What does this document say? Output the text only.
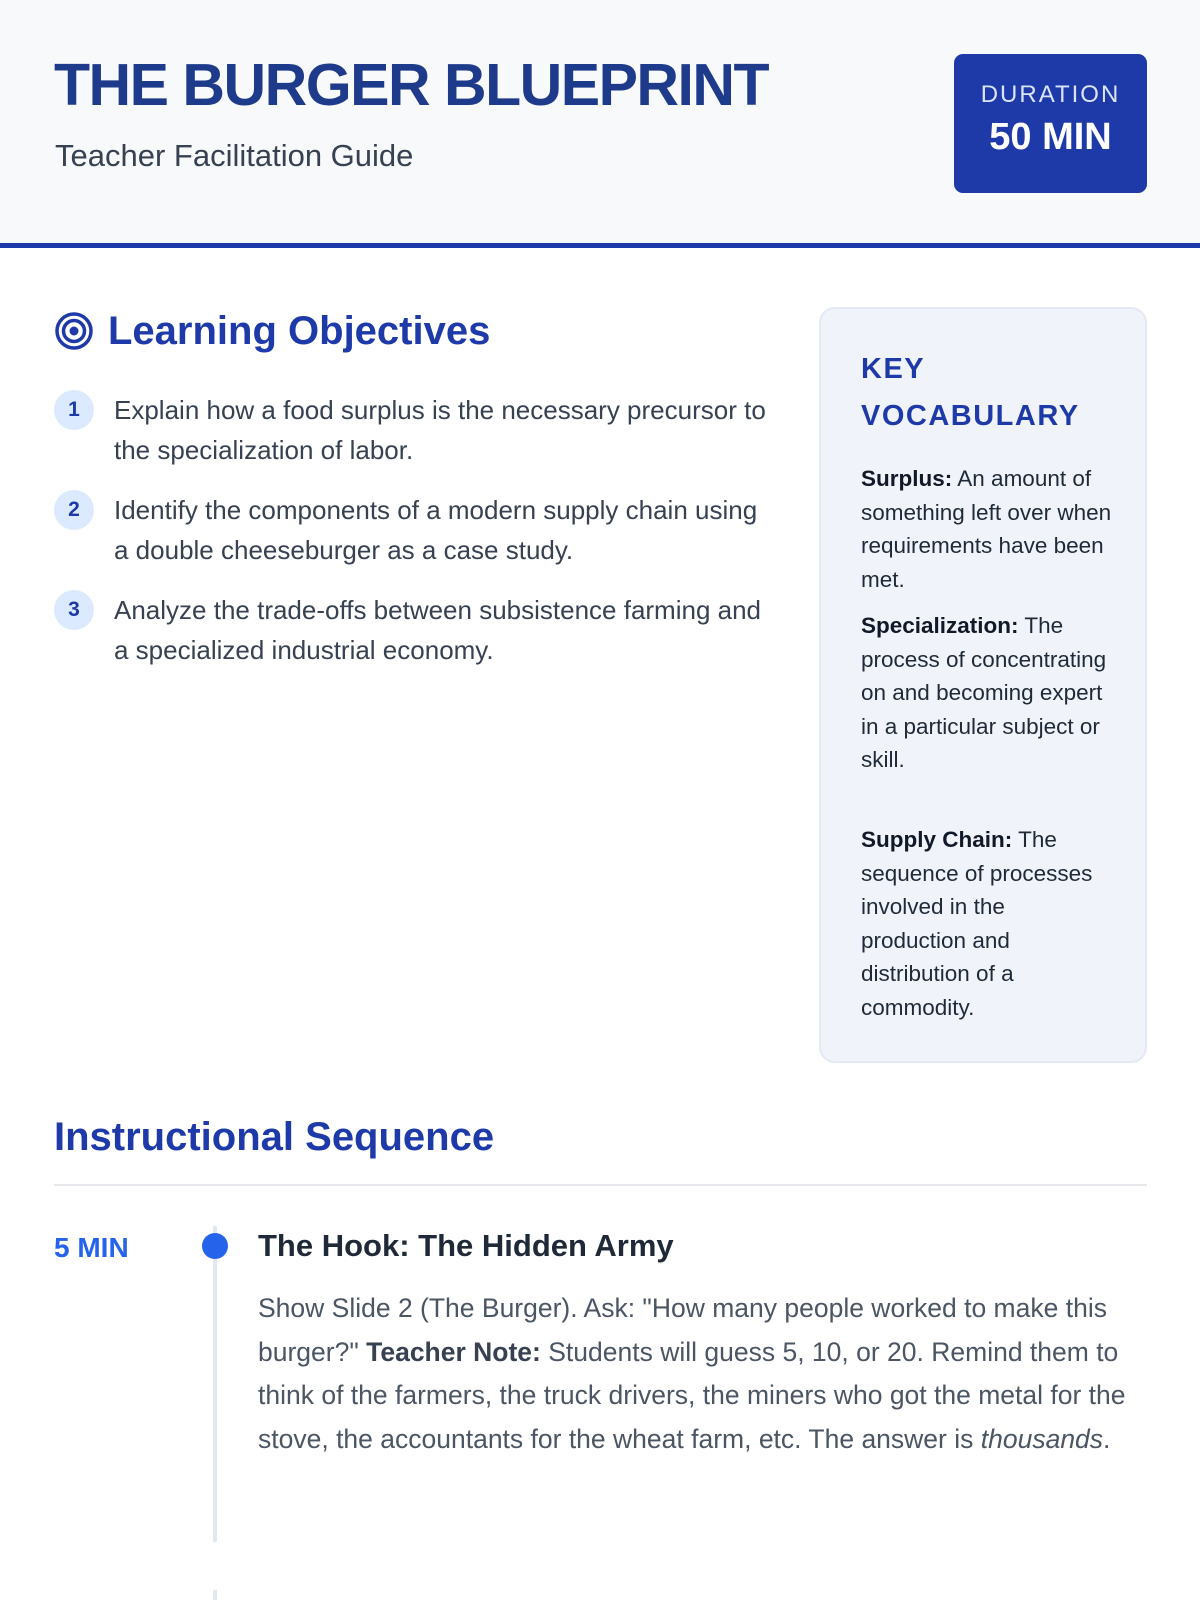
THE BURGER BLUEPRINT

Teacher Facilitation Guide

DURATION
50 MIN
Learning Objectives
1	Explain how a food surplus is the necessary precursor to the specialization of labor.

2	Identify the components of a modern supply chain using a double cheeseburger as a case study.

3	Analyze the trade-offs between subsistence farming and a specialized industrial economy.

KEY VOCABULARY

Surplus: An amount of something left over when requirements have been met.

Specialization: The process of concentrating on and becoming expert in a particular subject or skill.

Supply Chain: The sequence of processes involved in the production and distribution of a commodity.

Instructional Sequence
5 MIN	The Hook: The Hidden Army

Show Slide 2 (The Burger). Ask: "How many people worked to make this burger?" Teacher Note: Students will guess 5, 10, or 20. Remind them to think of the farmers, the truck drivers, the miners who got the metal for the stove, the accountants for the wheat farm, etc. The answer is thousands.
